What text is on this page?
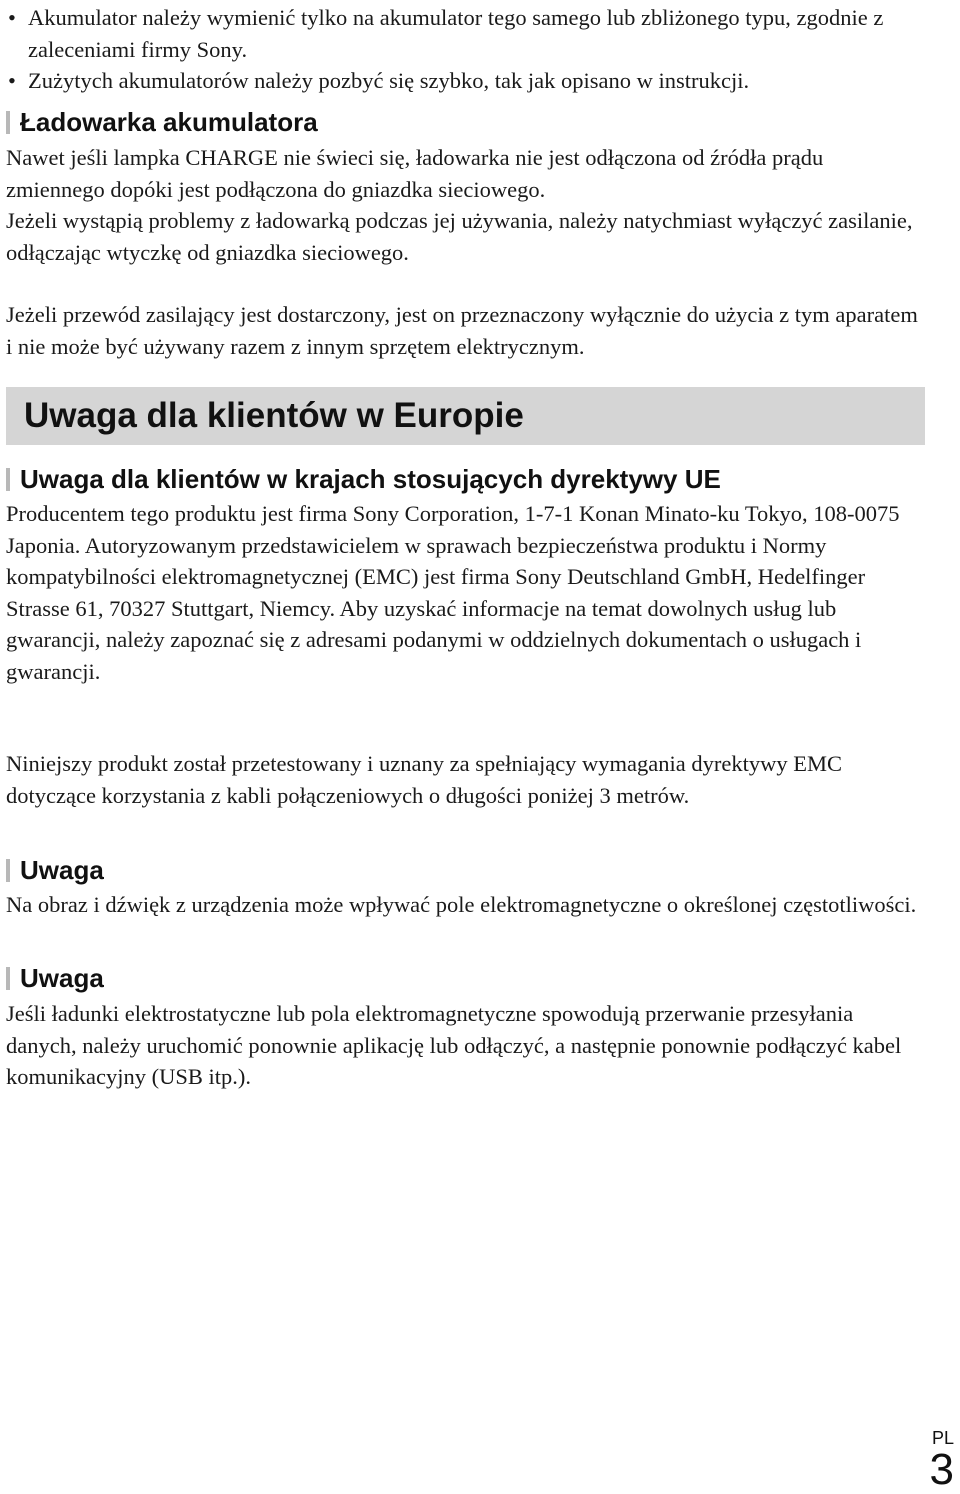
• Akumulator należy wymienić tylko na akumulator tego samego lub zbliżonego typu, zgodnie z zaleceniami firmy Sony.
• Zużytych akumulatorów należy pozbyć się szybko, tak jak opisano w instrukcji.
Ładowarka akumulatora

Nawet jeśli lampka CHARGE nie świeci się, ładowarka nie jest odłączona od źródła prądu zmiennego dopóki jest podłączona do gniazdka sieciowego.

Jeżeli wystąpią problemy z ładowarką podczas jej używania, należy natychmiast wyłączyć zasilanie, odłączając wtyczkę od gniazdka sieciowego.

Jeżeli przewód zasilający jest dostarczony, jest on przeznaczony wyłącznie do użycia z tym aparatem i nie może być używany razem z innym sprzętem elektrycznym.

Uwaga dla klientów w Europie
Uwaga dla klientów w krajach stosujących dyrektywy UE

Producentem tego produktu jest firma Sony Corporation, 1-7-1 Konan Minato-ku Tokyo, 108-0075 Japonia. Autoryzowanym przedstawicielem w sprawach bezpieczeństwa produktu i Normy kompatybilności elektromagnetycznej (EMC) jest firma Sony Deutschland GmbH, Hedelfinger Strasse 61, 70327 Stuttgart, Niemcy. Aby uzyskać informacje na temat dowolnych usług lub gwarancji, należy zapoznać się z adresami podanymi w oddzielnych dokumentach o usługach i gwarancji.

Niniejszy produkt został przetestowany i uznany za spełniający wymagania dyrektywy EMC dotyczące korzystania z kabli połączeniowych o długości poniżej 3 metrów.

Uwaga

Na obraz i dźwięk z urządzenia może wpływać pole elektromagnetyczne o określonej częstotliwości.

Uwaga

Jeśli ładunki elektrostatyczne lub pola elektromagnetyczne spowodują przerwanie przesyłania danych, należy uruchomić ponownie aplikację lub odłączyć, a następnie ponownie podłączyć kabel komunikacyjny (USB itp.).

PL
3
